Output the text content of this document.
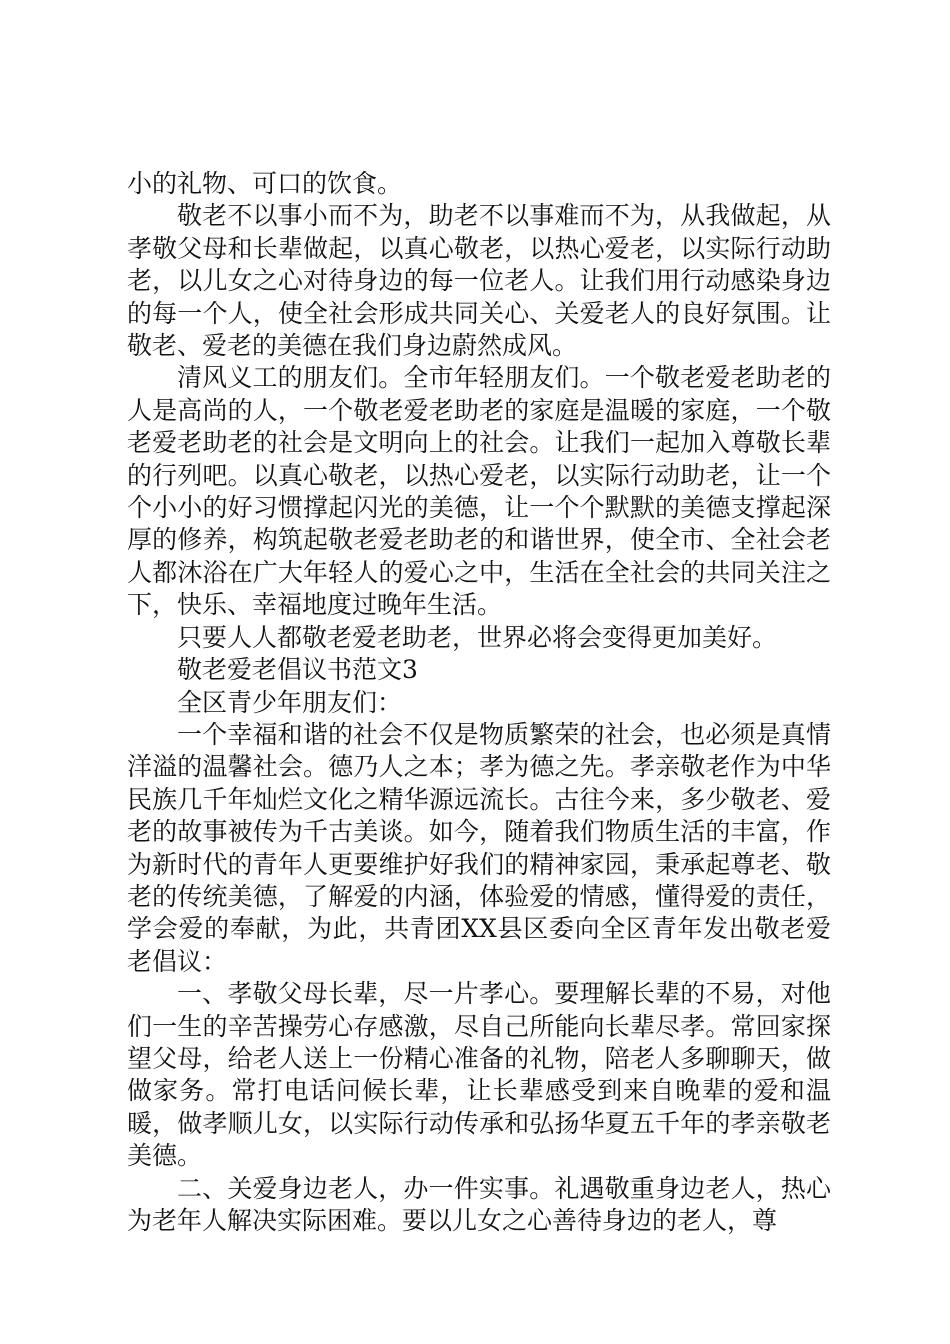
小的礼物、可口的饮食。

敬老不以事小而不为，助老不以事难而不为，从我做起，从孝敬父母和长辈做起，以真心敬老，以热心爱老，以实际行动助老，以儿女之心对待身边的每一位老人。让我们用行动感染身边的每一个人，使全社会形成共同关心、关爱老人的良好氛围。让敬老、爱老的美德在我们身边蔚然成风。

清风义工的朋友们。全市年轻朋友们。一个敬老爱老助老的人是高尚的人，一个敬老爱老助老的家庭是温暖的家庭，一个敬老爱老助老的社会是文明向上的社会。让我们一起加入尊敬长辈的行列吧。以真心敬老，以热心爱老，以实际行动助老，让一个个小小的好习惯撑起闪光的美德，让一个个默默的美德支撑起深厚的修养，构筑起敬老爱老助老的和谐世界，使全市、全社会老人都沐浴在广大年轻人的爱心之中，生活在全社会的共同关注之下，快乐、幸福地度过晚年生活。

只要人人都敬老爱老助老，世界必将会变得更加美好。

敬老爱老倡议书范文3

全区青少年朋友们：

一个幸福和谐的社会不仅是物质繁荣的社会，也必须是真情洋溢的温馨社会。德乃人之本；孝为德之先。孝亲敬老作为中华民族几千年灿烂文化之精华源远流长。古往今来，多少敬老、爱老的故事被传为千古美谈。如今，随着我们物质生活的丰富，作为新时代的青年人更要维护好我们的精神家园，秉承起尊老、敬老的传统美德，了解爱的内涵，体验爱的情感，懂得爱的责任，学会爱的奉献，为此，共青团XX县区委向全区青年发出敬老爱老倡议：

一、孝敬父母长辈，尽一片孝心。要理解长辈的不易，对他们一生的辛苦操劳心存感激，尽自己所能向长辈尽孝。常回家探望父母，给老人送上一份精心准备的礼物，陪老人多聊聊天，做做家务。常打电话问候长辈，让长辈感受到来自晚辈的爱和温暖，做孝顺儿女，以实际行动传承和弘扬华夏五千年的孝亲敬老美德。

二、关爱身边老人，办一件实事。礼遇敬重身边老人，热心为老年人解决实际困难。要以儿女之心善待身边的老人，尊
